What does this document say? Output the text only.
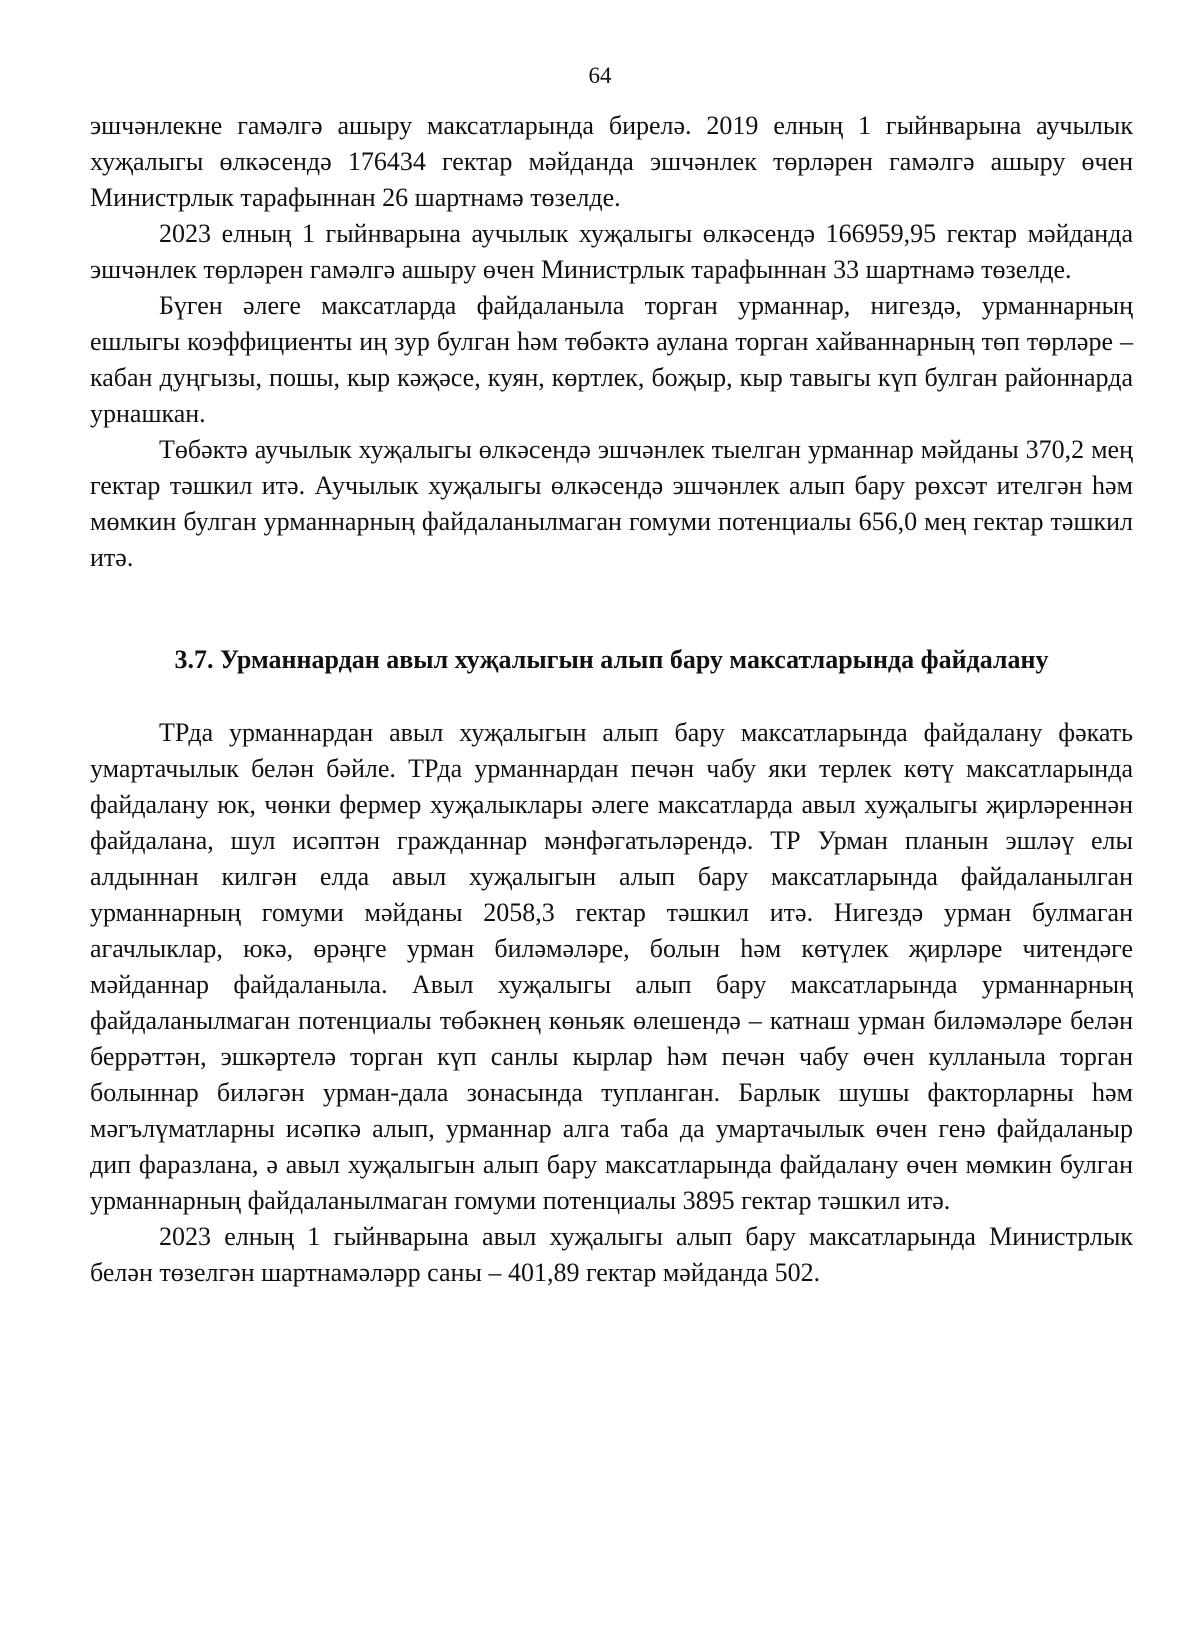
64

эшчәнлекне гамәлгә ашыру максатларында бирелә. 2019 елның 1 гыйнварына аучылык хуҗалыгы өлкәсендә 176434 гектар мәйданда эшчәнлек төрләрен гамәлгә ашыру өчен Министрлык тарафыннан 26 шартнамә төзелде.

2023 елның 1 гыйнварына аучылык хуҗалыгы өлкәсендә 166959,95 гектар мәйданда эшчәнлек төрләрен гамәлгә ашыру өчен Министрлык тарафыннан 33 шартнамә төзелде.

Бүген әлеге максатларда файдаланыла торган урманнар, нигездә, урманнарның ешлыгы коэффициенты иң зур булган һәм төбәктә аулана торган хайваннарның төп төрләре – кабан дуңгызы, пошы, кыр кәҗәсе, куян, көртлек, боҗыр, кыр тавыгы күп булган районнарда урнашкан.

Төбәктә аучылык хуҗалыгы өлкәсендә эшчәнлек тыелган урманнар мәйданы 370,2 мең гектар тәшкил итә. Аучылык хуҗалыгы өлкәсендә эшчәнлек алып бару рөхсәт ителгән һәм мөмкин булган урманнарның файдаланылмаган гомуми потенциалы 656,0 мең гектар тәшкил итә.

3.7. Урманнардан авыл хуҗалыгын алып бару максатларында файдалану

ТРда урманнардан авыл хуҗалыгын алып бару максатларында файдалану фәкать умартачылык белән бәйле. ТРда урманнардан печән чабу яки терлек көтү максатларында файдалану юк, чөнки фермер хуҗалыклары әлеге максатларда авыл хуҗалыгы җирләреннән файдалана, шул исәптән гражданнар мәнфәгатьләрендә. ТР Урман планын эшләү елы алдыннан килгән елда авыл хуҗалыгын алып бару максатларында файдаланылган урманнарның гомуми мәйданы 2058,3 гектар тәшкил итә. Нигездә урман булмаган агачлыклар, юкә, өрәңге урман биләмәләре, болын һәм көтүлек җирләре читендәге мәйданнар файдаланыла. Авыл хуҗалыгы алып бару максатларында урманнарның файдаланылмаган потенциалы төбәкнең көньяк өлешендә – катнаш урман биләмәләре белән беррәттән, эшкәртелә торган күп санлы кырлар һәм печән чабу өчен кулланыла торган болыннар биләгән урман-дала зонасында тупланган. Барлык шушы факторларны һәм мәгълүматларны исәпкә алып, урманнар алга таба да умартачылык өчен генә файдаланыр дип фаразлана, ә авыл хуҗалыгын алып бару максатларында файдалану өчен мөмкин булган урманнарның файдаланылмаган гомуми потенциалы 3895 гектар тәшкил итә.

2023 елның 1 гыйнварына авыл хуҗалыгы алып бару максатларында Министрлык белән төзелгән шартнамәләрр саны – 401,89 гектар мәйданда 502.
